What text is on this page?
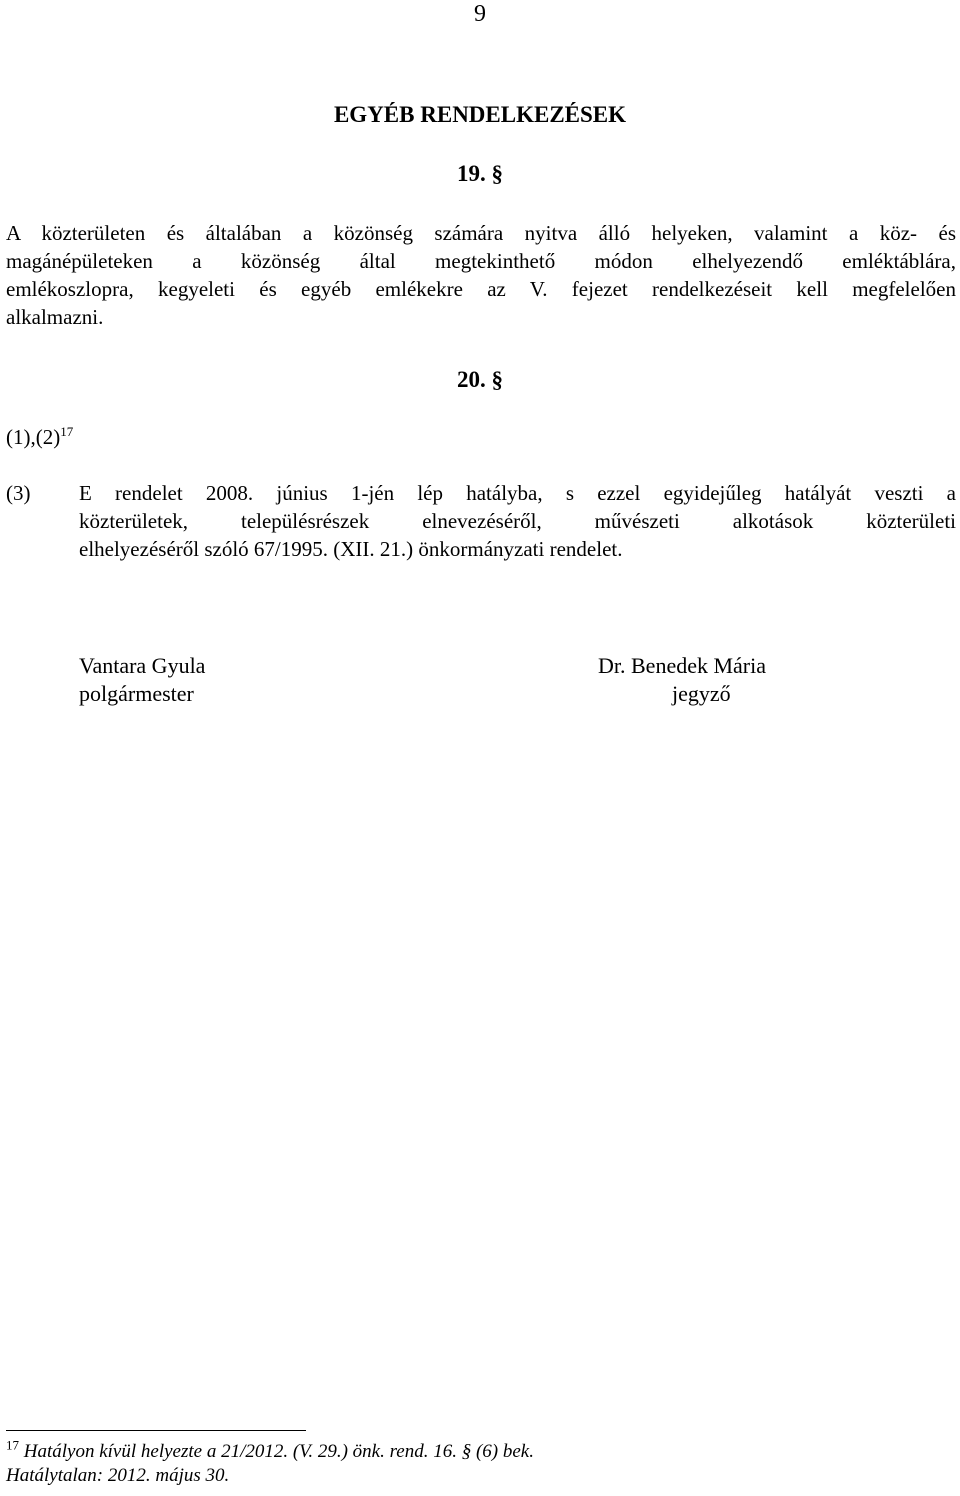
9
EGYÉB RENDELKEZÉSEK
19. §
A közterületen és általában a közönség számára nyitva álló helyeken, valamint a köz- és
magánépületeken a közönség által megtekinthető módon elhelyezendő emléktáblára,
emlékoszlopra, kegyeleti és egyéb emlékekre az V. fejezet rendelkezéseit kell megfelelően
alkalmazni.
20. §
$(1),(2)^{17}$
(3) E rendelet 2008. június 1-jén lép hatályba, s ezzel egyidejűleg hatályát veszti a
közterületek, településrészek elnevezéséről, művészeti alkotások közterületi
elhelyezéséről szóló 67/1995. (XII. 21.) önkormányzati rendelet.
Vantara Gyula
polgármester
Dr. Benedek Mária
jegyző
$^{17}$ Hatályon kívül helyezte a 21/2012. (V. 29.) önk. rend. 16. § (6) bek.
Hatálytalan: 2012. május 30.
